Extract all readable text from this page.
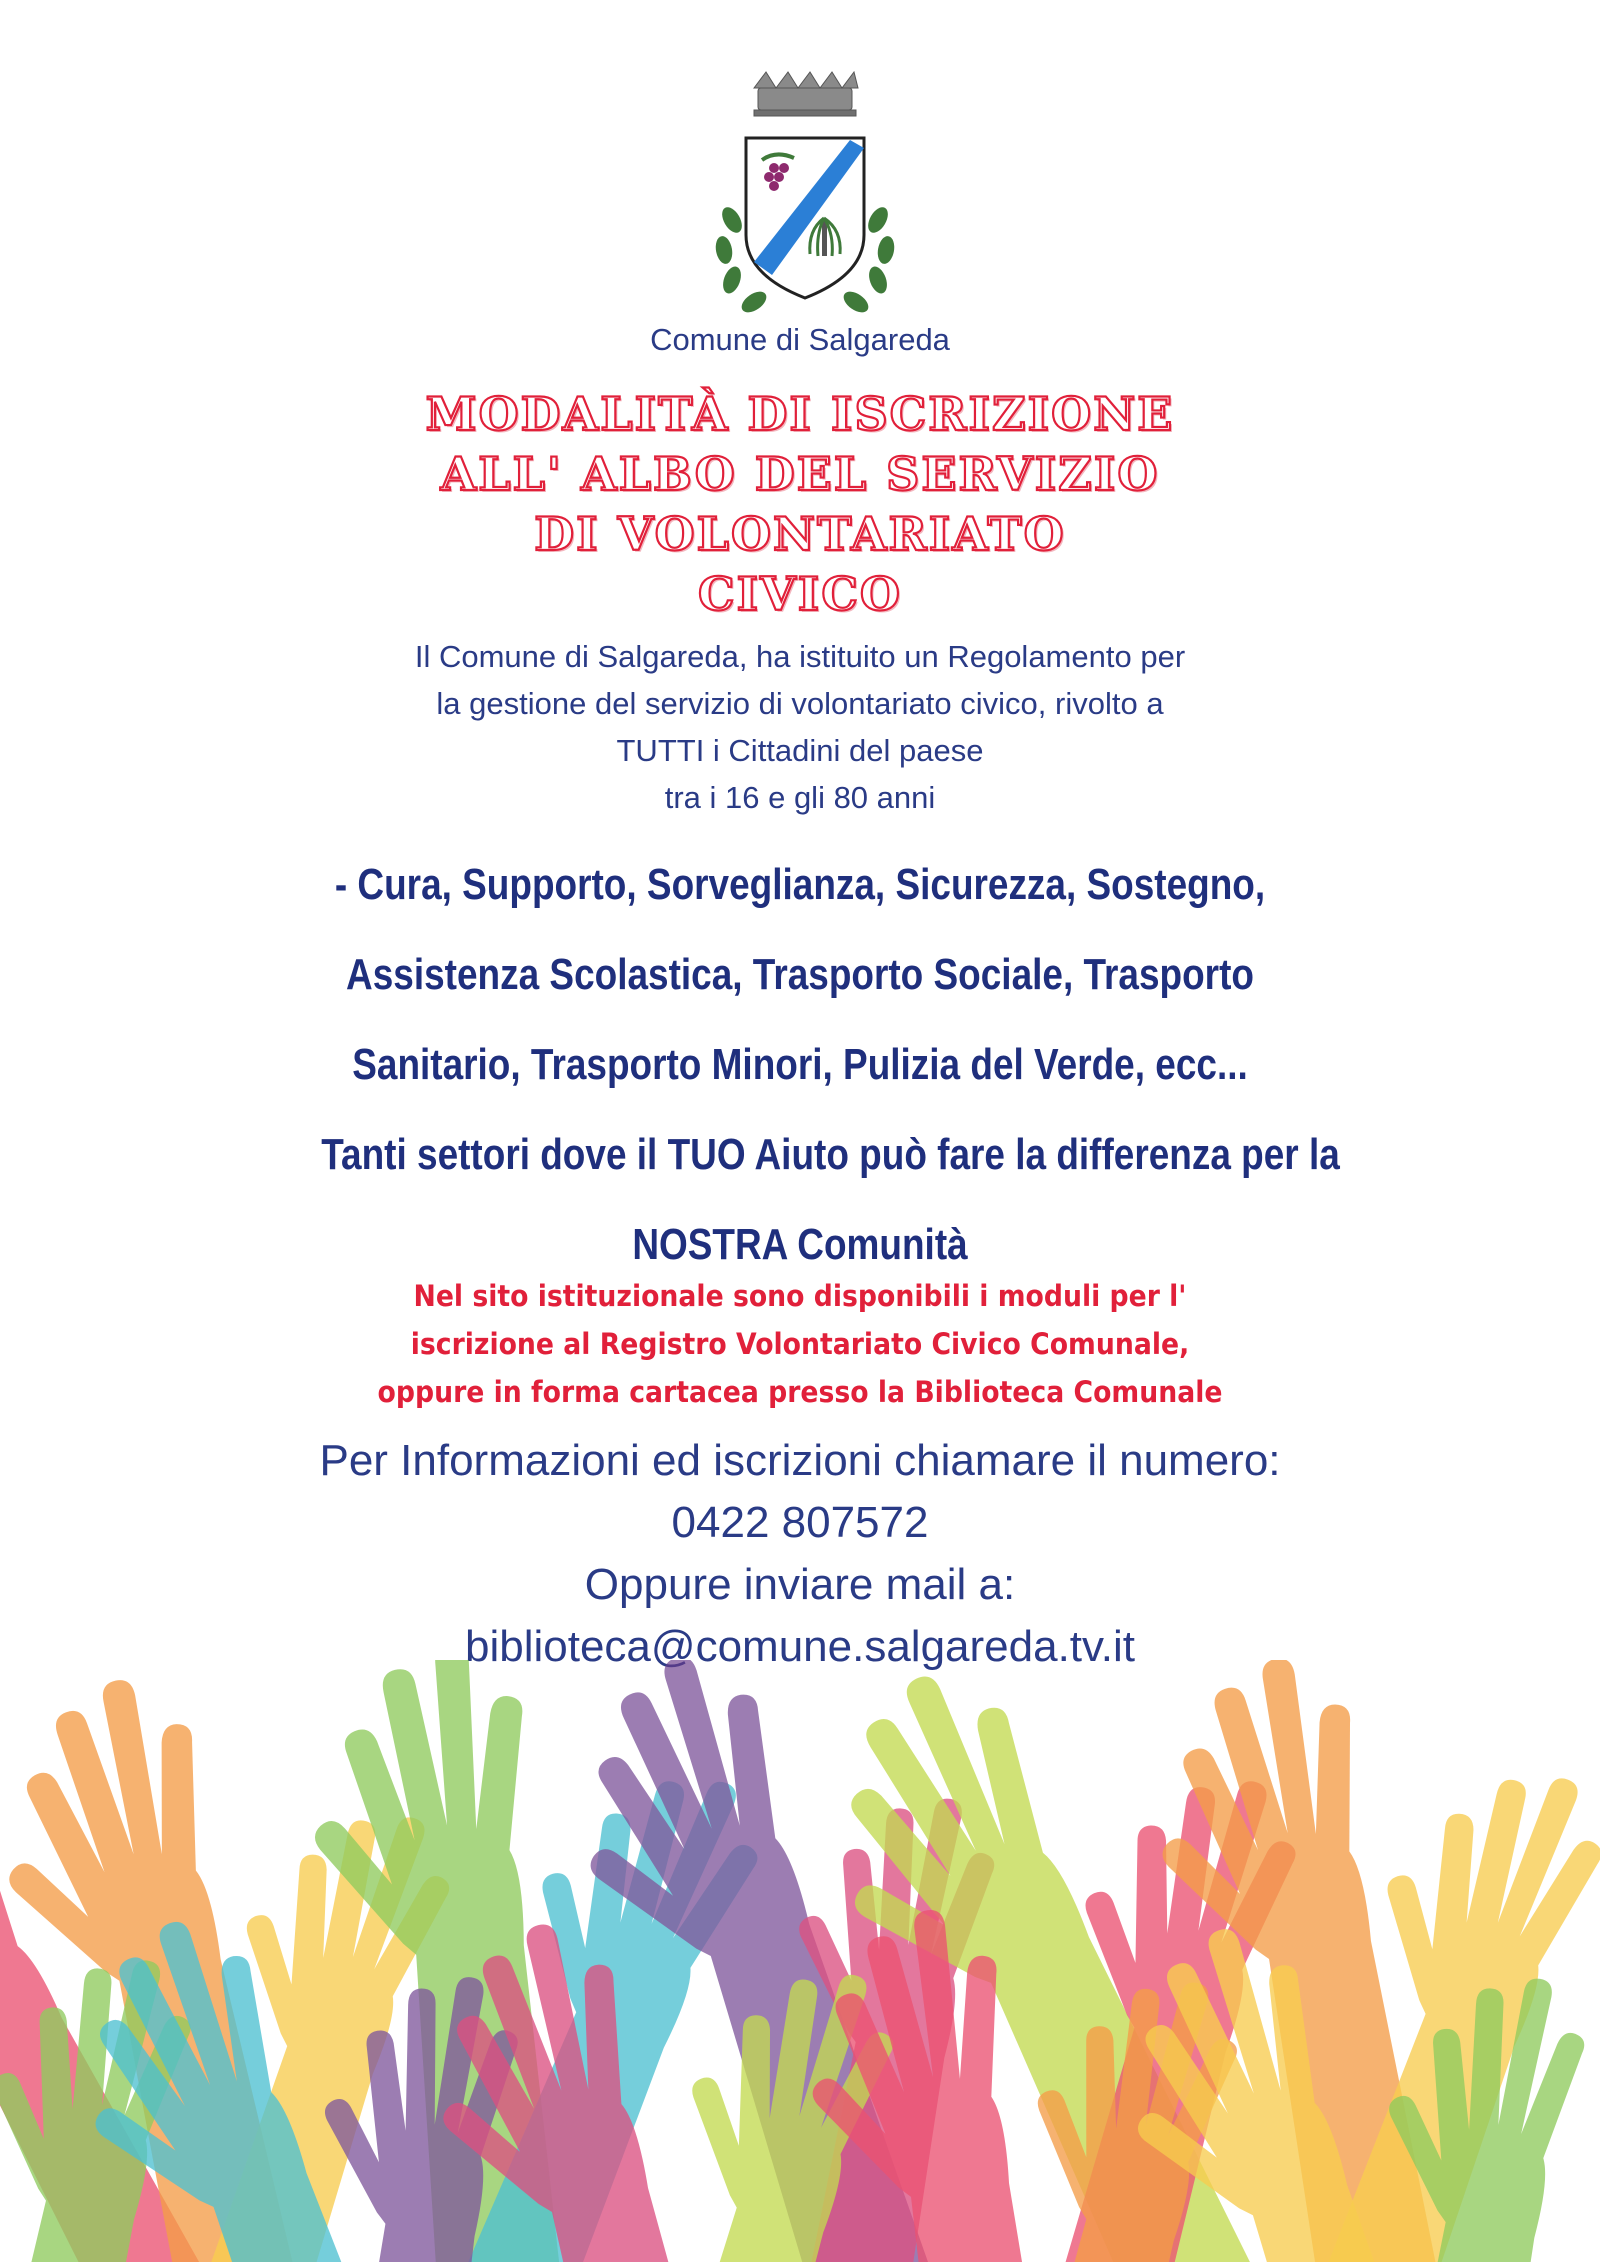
Comune di Salgareda
MODALITÀ DI ISCRIZIONE
ALL' ALBO DEL SERVIZIO
DI VOLONTARIATO
CIVICO
Il Comune di Salgareda, ha istituito un Regolamento per
la gestione del servizio di volontariato civico, rivolto a
TUTTI i Cittadini del paese
tra i 16 e gli 80 anni
- Cura, Supporto, Sorveglianza, Sicurezza, Sostegno,
Assistenza Scolastica, Trasporto Sociale, Trasporto
Sanitario, Trasporto Minori, Pulizia del Verde, ecc...
Tanti settori dove il TUO Aiuto può fare la differenza per la
NOSTRA Comunità
Nel sito istituzionale sono disponibili i moduli per l'
iscrizione al Registro Volontariato Civico Comunale,
oppure in forma cartacea presso la Biblioteca Comunale
Per Informazioni ed iscrizioni chiamare il numero:
0422 807572
Oppure inviare mail a:
biblioteca@comune.salgareda.tv.it
